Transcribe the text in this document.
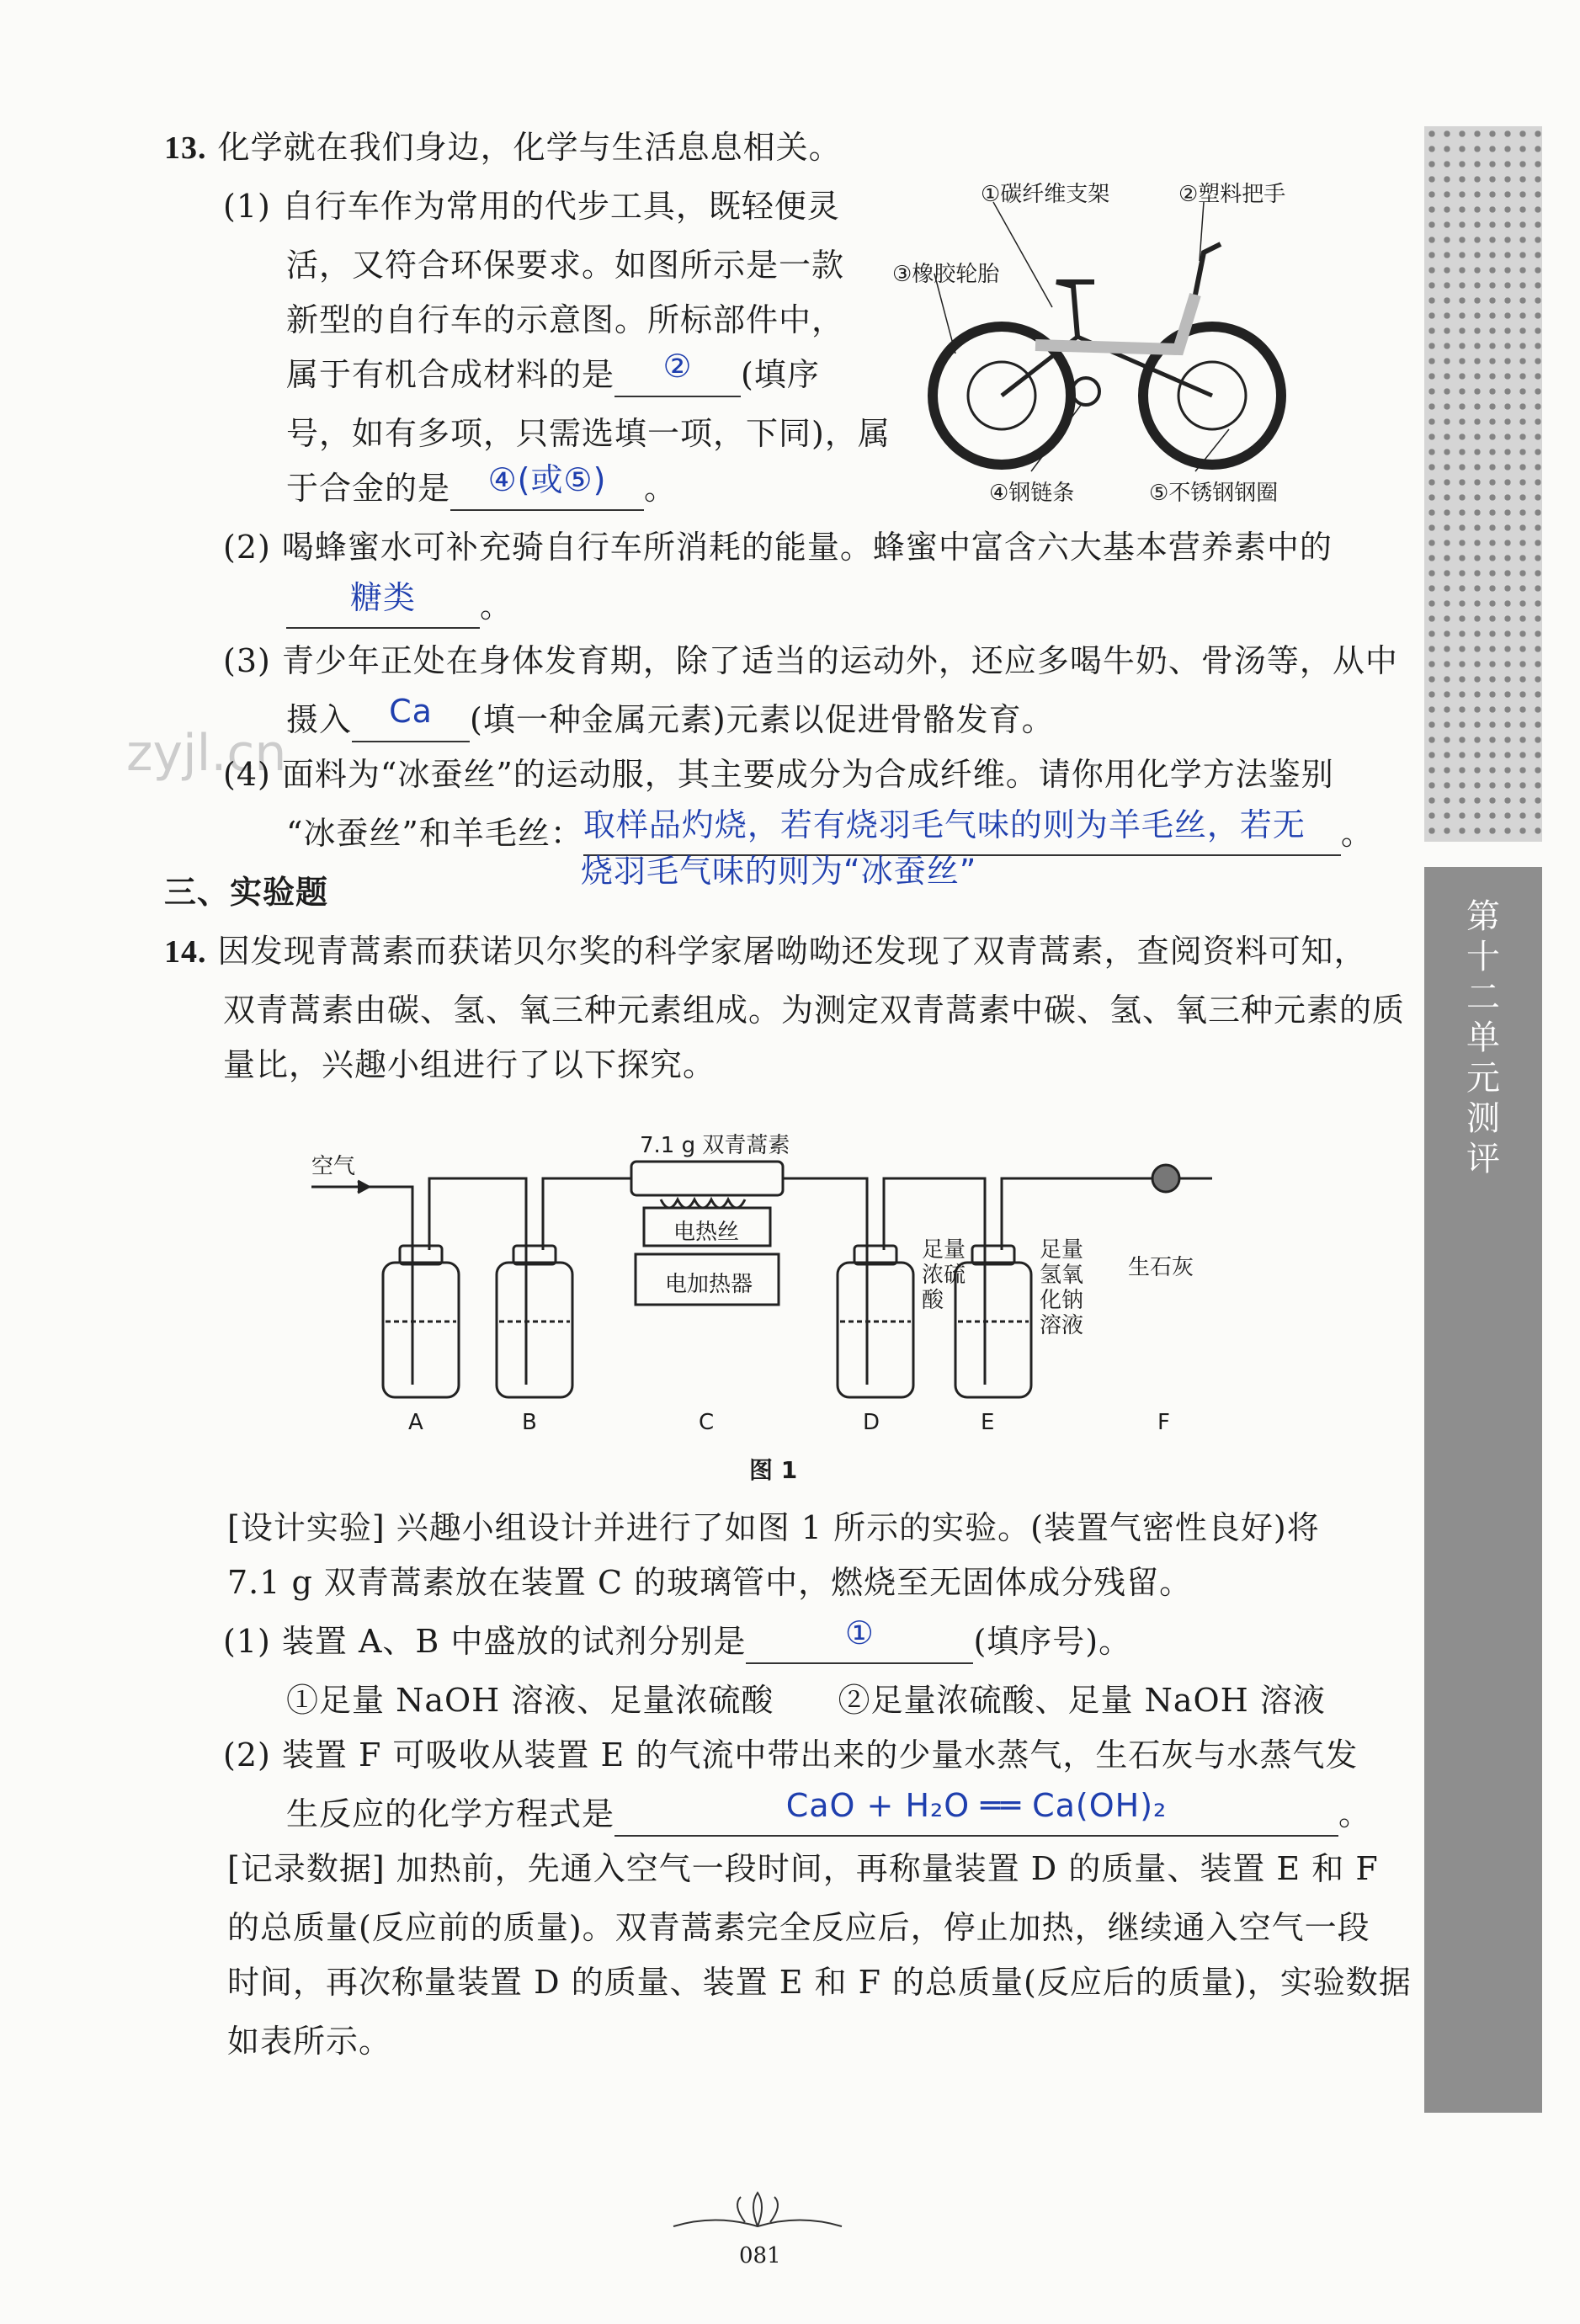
第十二单元测评
zyjl.cn
13. 化学就在我们身边，化学与生活息息相关。
(1) 自行车作为常用的代步工具，既轻便灵
活，又符合环保要求。如图所示是一款
新型的自行车的示意图。所标部件中，
属于有机合成材料的是 ② (填序
号，如有多项，只需选填一项，下同)，属
于合金的是 ④(或⑤) 。
①碳纤维支架	②塑料把手
③橡胶轮胎
④钢链条	⑤不锈钢钢圈
(2) 喝蜂蜜水可补充骑自行车所消耗的能量。蜂蜜中富含六大基本营养素中的
糖类 。
(3) 青少年正处在身体发育期，除了适当的运动外，还应多喝牛奶、骨汤等，从中
摄入 Ca (填一种金属元素)元素以促进骨骼发育。
(4) 面料为“冰蚕丝”的运动服，其主要成分为合成纤维。请你用化学方法鉴别
“冰蚕丝”和羊毛丝：取样品灼烧，若有烧羽毛气味的则为羊毛丝，若无 。
烧羽毛气味的则为“冰蚕丝”
三、实验题
14. 因发现青蒿素而获诺贝尔奖的科学家屠呦呦还发现了双青蒿素，查阅资料可知，
双青蒿素由碳、氢、氧三种元素组成。为测定双青蒿素中碳、氢、氧三种元素的质
量比，兴趣小组进行了以下探究。
空气
7.1 g 双青蒿素
电热丝
电加热器
足量
浓硫
酸
足量
氢氧
化钠
溶液
生石灰
A	B	C	D	E	F
图 1
[设计实验] 兴趣小组设计并进行了如图 1 所示的实验。(装置气密性良好)将
7.1 g 双青蒿素放在装置 C 的玻璃管中，燃烧至无固体成分残留。
(1) 装置 A、B 中盛放的试剂分别是	①	(填序号)。
①足量 NaOH 溶液、足量浓硫酸 ②足量浓硫酸、足量 NaOH 溶液
(2) 装置 F 可吸收从装置 E 的气流中带出来的少量水蒸气，生石灰与水蒸气发
生反应的化学方程式是	CaO + H₂O ══ Ca(OH)₂	。
[记录数据] 加热前，先通入空气一段时间，再称量装置 D 的质量、装置 E 和 F
的总质量(反应前的质量)。双青蒿素完全反应后，停止加热，继续通入空气一段
时间，再次称量装置 D 的质量、装置 E 和 F 的总质量(反应后的质量)，实验数据
如表所示。
081
